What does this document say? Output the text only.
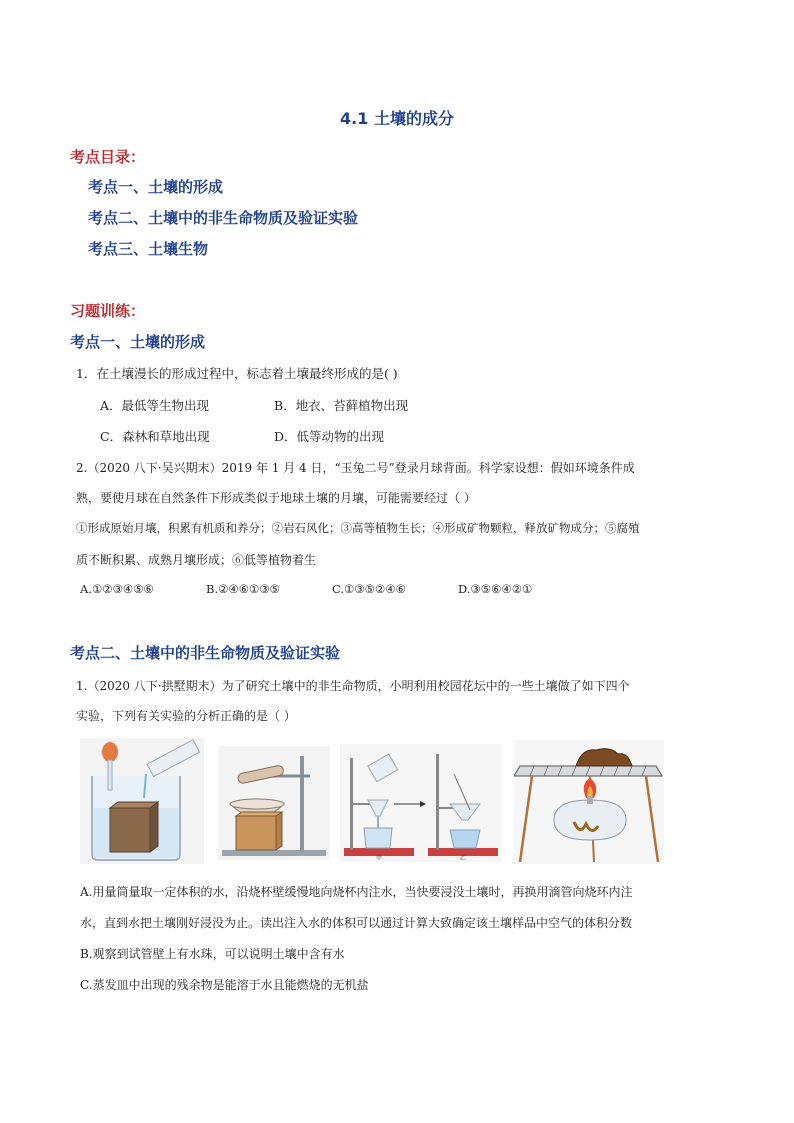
4.1 土壤的成分
考点目录：
考点一、土壤的形成
考点二、土壤中的非生命物质及验证实验
考点三、土壤生物
习题训练：
考点一、土壤的形成
1．在土壤漫长的形成过程中，标志着土壤最终形成的是( )
A．最低等生物出现	B．地衣、苔藓植物出现
C．森林和草地出现	D．低等动物的出现
2.（2020 八下·吴兴期末）2019 年 1 月 4 日，“玉兔二号”登录月球背面。科学家设想：假如环境条件成
熟，要使月球在自然条件下形成类似于地球土壤的月壤，可能需要经过（ ）
①形成原始月壤，积累有机质和养分；②岩石风化；③高等植物生长；④形成矿物颗粒，释放矿物成分；⑤腐殖
质不断积累、成熟月壤形成；⑥低等植物着生
A.①②③④⑤⑥	B.②④⑥①③⑤	C.①③⑤②④⑥	D.③⑤⑥④②①
考点二、土壤中的非生命物质及验证实验
1.（2020 八下·拱墅期末）为了研究土壤中的非生命物质，小明利用校园花坛中的一些土壤做了如下四个
实验，下列有关实验的分析正确的是（ ）
甲	乙
A.用量筒量取一定体积的水，沿烧杯壁缓慢地向烧杯内注水，当快要浸没土壤时，再换用滴管向烧环内注
水，直到水把土壤刚好浸没为止。读出注入水的体积可以通过计算大致确定该土壤样品中空气的体积分数
B.观察到试管壁上有水珠，可以说明土壤中含有水
C.蒸发皿中出现的残余物是能溶于水且能燃烧的无机盐
